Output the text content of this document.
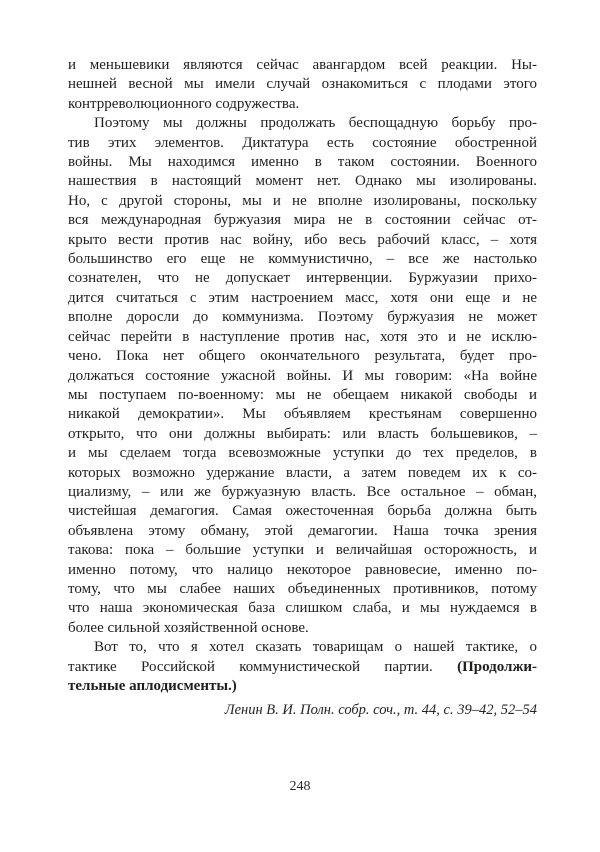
и меньшевики являются сейчас авангардом всей реакции. Ны-
нешней весной мы имели случай ознакомиться с плодами этого
контрреволюционного содружества.
Поэтому мы должны продолжать беспощадную борьбу про-
тив этих элементов. Диктатура есть состояние обостренной
войны. Мы находимся именно в таком состоянии. Военного
нашествия в настоящий момент нет. Однако мы изолированы.
Но, с другой стороны, мы и не вполне изолированы, поскольку
вся международная буржуазия мира не в состоянии сейчас от-
крыто вести против нас войну, ибо весь рабочий класс, – хотя
большинство его еще не коммунистично, – все же настолько
сознателен, что не допускает интервенции. Буржуазии прихо-
дится считаться с этим настроением масс, хотя они еще и не
вполне доросли до коммунизма. Поэтому буржуазия не может
сейчас перейти в наступление против нас, хотя это и не исклю-
чено. Пока нет общего окончательного результата, будет про-
должаться состояние ужасной войны. И мы говорим: «На войне
мы поступаем по-военному: мы не обещаем никакой свободы и
никакой демократии». Мы объявляем крестьянам совершенно
открыто, что они должны выбирать: или власть большевиков, –
и мы сделаем тогда всевозможные уступки до тех пределов, в
которых возможно удержание власти, а затем поведем их к со-
циализму, – или же буржуазную власть. Все остальное – обман,
чистейшая демагогия. Самая ожесточенная борьба должна быть
объявлена этому обману, этой демагогии. Наша точка зрения
такова: пока – большие уступки и величайшая осторожность, и
именно потому, что налицо некоторое равновесие, именно по-
тому, что мы слабее наших объединенных противников, потому
что наша экономическая база слишком слаба, и мы нуждаемся в
более сильной хозяйственной основе.
Вот то, что я хотел сказать товарищам о нашей тактике, о
тактике Российской коммунистической партии. (Продолжи-
тельные аплодисменты.)
Ленин В. И. Полн. собр. соч., т. 44, с. 39–42, 52–54
248
